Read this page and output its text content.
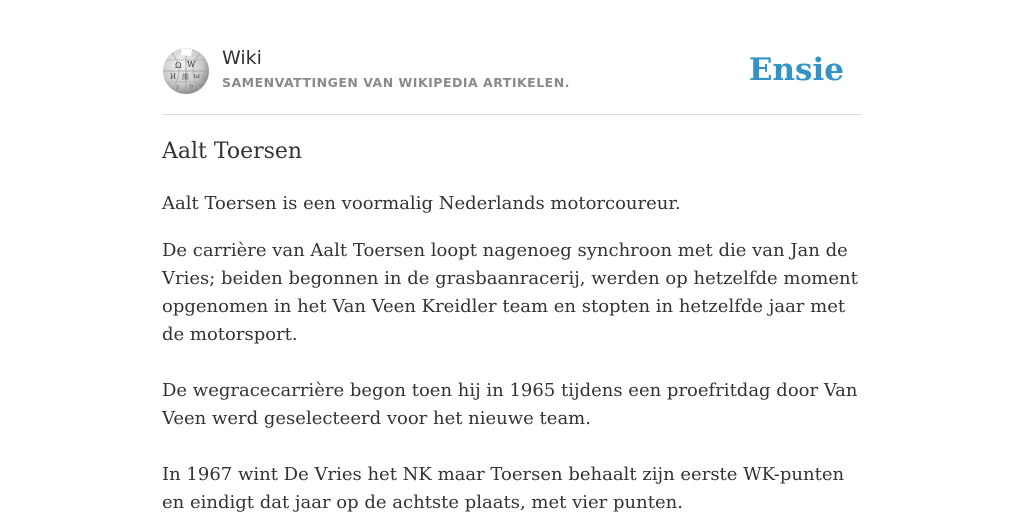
Ω W
И 維 ω
ק ウ
Wiki
SAMENVATTINGEN VAN WIKIPEDIA ARTIKELEN.	Ensie
Aalt Toersen

Aalt Toersen is een voormalig Nederlands motorcoureur.

De carrière van Aalt Toersen loopt nagenoeg synchroon met die van Jan de Vries; beiden begonnen in de grasbaanracerij, werden op hetzelfde moment opgenomen in het Van Veen Kreidler team en stopten in hetzelfde jaar met de motorsport.

De wegracecarrière begon toen hij in 1965 tijdens een proefritdag door Van Veen werd geselecteerd voor het nieuwe team.

In 1967 wint De Vries het NK maar Toersen behaalt zijn eerste WK-punten en eindigt dat jaar op de achtste plaats, met vier punten.
